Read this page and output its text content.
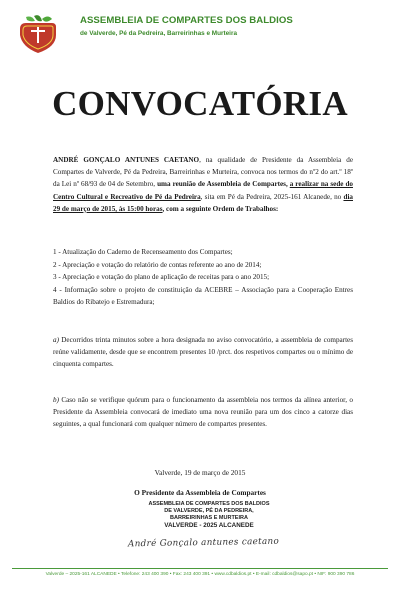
ASSEMBLEIA DE COMPARTES DOS BALDIOS
de Valverde, Pé da Pedreira, Barreirinhas e Murteira
CONVOCATÓRIA

ANDRÉ GONÇALO ANTUNES CAETANO, na qualidade de Presidente da Assembleia de Compartes de Valverde, Pé da Pedreira, Barreirinhas e Murteira, convoca nos termos do nº2 do art.º 18º da Lei nº 68/93 de 04 de Setembro, uma reunião de Assembleia de Compartes, a realizar na sede do Centro Cultural e Recreativo de Pé da Pedreira, sita em Pé da Pedreira, 2025-161 Alcanede, no dia 29 de março de 2015, às 15:00 horas, com a seguinte Ordem de Trabalhos:

1 - Atualização do Caderno de Recenseamento dos Compartes;
2 - Apreciação e votação do relatório de contas referente ao ano de 2014;
3 - Apreciação e votação do plano de aplicação de receitas para o ano 2015;
4 - Informação sobre o projeto de constituição da ACEBRE – Associação para a Cooperação Entres Baldios do Ribatejo e Estremadura;

a) Decorridos trinta minutos sobre a hora designada no aviso convocatório, a assembleia de compartes reúne validamente, desde que se encontrem presentes 10 /prct. dos respetivos compartes ou o mínimo de cinquenta compartes.

b) Caso não se verifique quórum para o funcionamento da assembleia nos termos da alínea anterior, o Presidente da Assembleia convocará de imediato uma nova reunião para um dos cinco a catorze dias seguintes, a qual funcionará com qualquer número de compartes presentes.

Valverde, 19 de março de 2015
O Presidente da Assembleia de Compartes
ASSEMBLEIA DE COMPARTES DOS BALDIOS
DE VALVERDE, PÉ DA PEDREIRA,
BARREIRINHAS E MURTEIRA
VALVERDE - 2025 ALCANEDE
André Gonçalo antunes caetano
Valverde – 2025-161 ALCANEDE • Telefone: 243 400 390 • Fax: 243 400 391 • www.cdbaldios.pt • E-mail: cdbaldios@sapo.pt • NIF: 900 390 786
